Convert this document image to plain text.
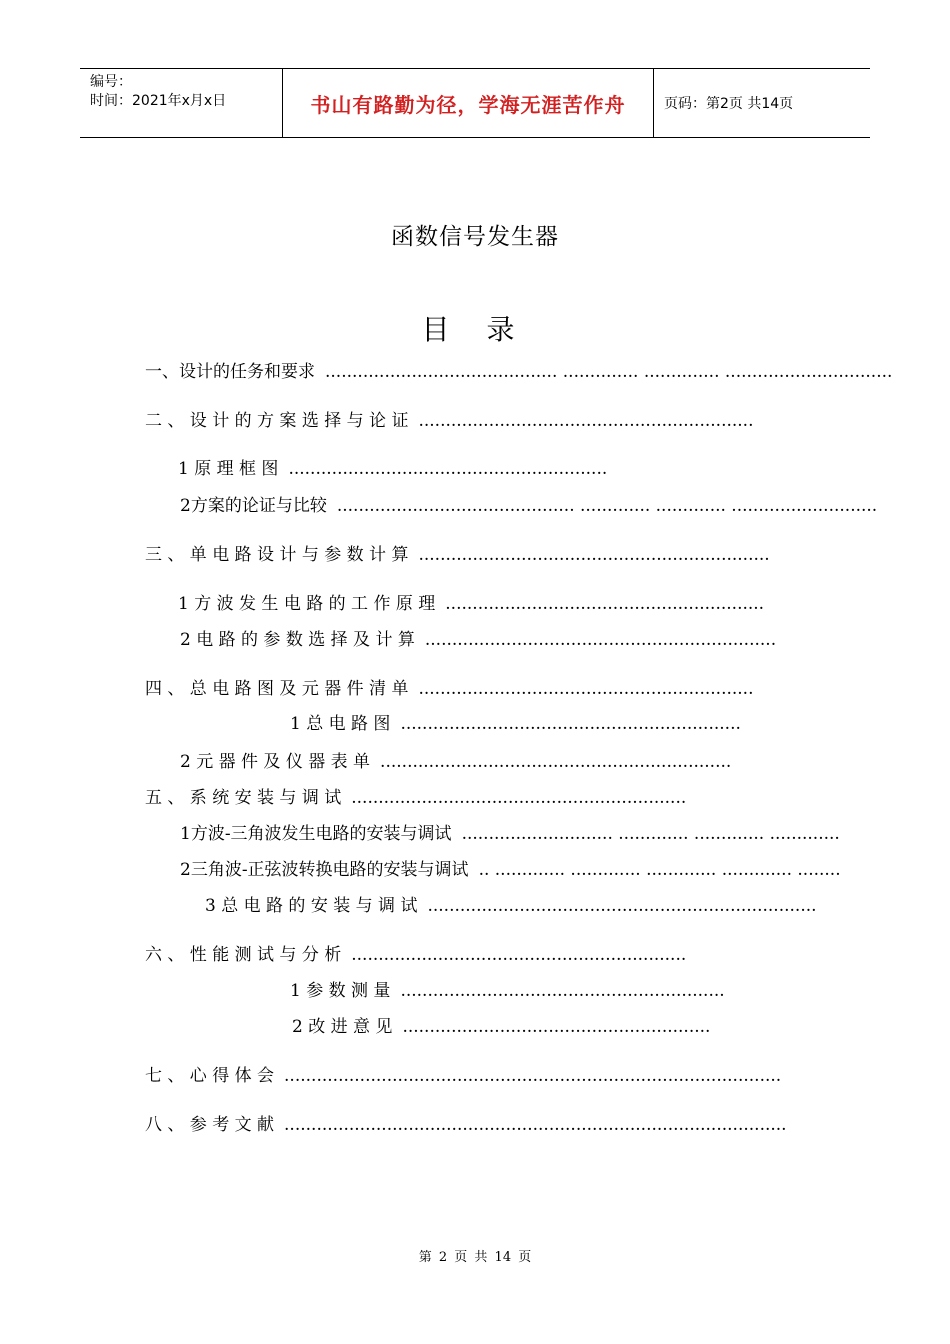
编号：
时间：2021年x月x日	书山有路勤为径，学海无涯苦作舟	页码：第2页 共14页
函数信号发生器
目 录
一、设计的任务和要求 ........................................... .............. .............. ...............................
二 、 设 计 的 方 案 选 择 与 论 证 ..............................................................
1 原 理 框 图 ...........................................................
2方案的论证与比较 ............................................ ............. ............. ...........................
三 、 单 电 路 设 计 与 参 数 计 算 .................................................................
1 方 波 发 生 电 路 的 工 作 原 理 ...........................................................
2 电 路 的 参 数 选 择 及 计 算 .................................................................
四 、 总 电 路 图 及 元 器 件 清 单 ..............................................................
1 总 电 路 图 ...............................................................
2 元 器 件 及 仪 器 表 单 .................................................................
五 、 系 统 安 装 与 调 试 ..............................................................
1方波-三角波发生电路的安装与调试 ............................ ............. ............. .............
2三角波-正弦波转换电路的安装与调试 .. ............. ............. ............. ............. ........
3 总 电 路 的 安 装 与 调 试 ........................................................................
六 、 性 能 测 试 与 分 析 ..............................................................
1 参 数 测 量 ............................................................
2 改 进 意 见 .........................................................
七 、 心 得 体 会 ............................................................................................
八 、 参 考 文 献 .............................................................................................
第 2 页 共 14 页
